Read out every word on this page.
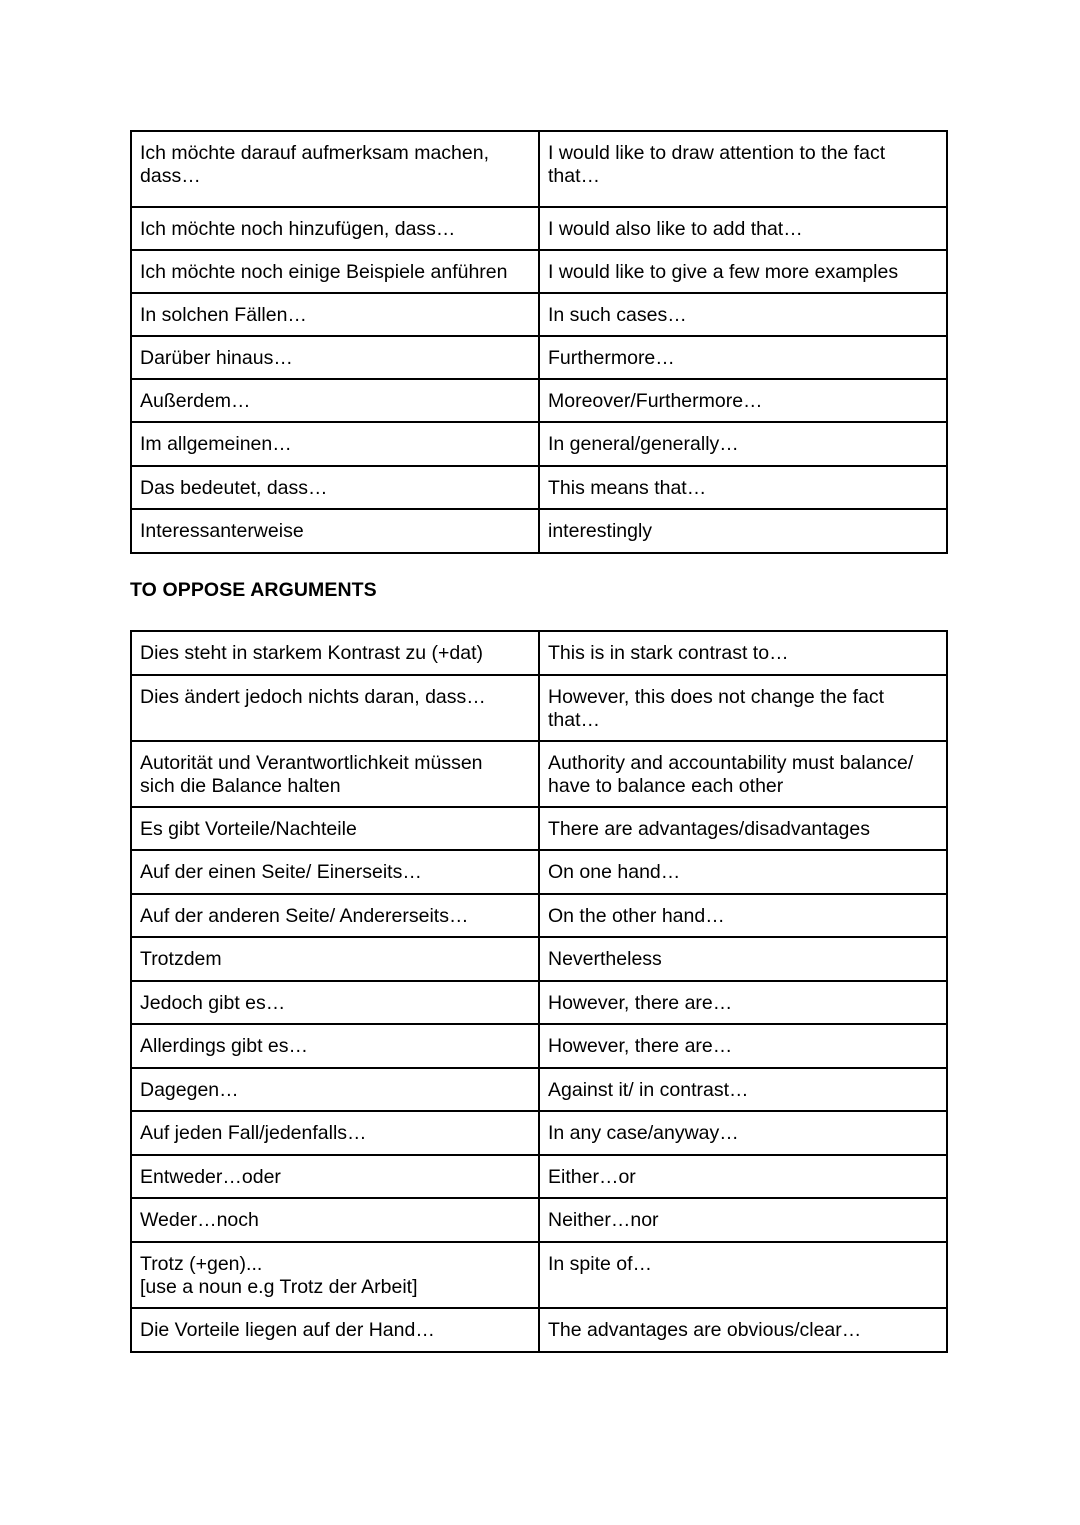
Ich möchte darauf aufmerksam machen,
dass…	I would like to draw attention to the fact
that…
Ich möchte noch hinzufügen, dass…	I would also like to add that…
Ich möchte noch einige Beispiele anführen	I would like to give a few more examples
In solchen Fällen…	In such cases…
Darüber hinaus…	Furthermore…
Außerdem…	Moreover/Furthermore…
Im allgemeinen…	In general/generally…
Das bedeutet, dass…	This means that…
Interessanterweise	interestingly
TO OPPOSE ARGUMENTS
Dies steht in starkem Kontrast zu (+dat)	This is in stark contrast to…
Dies ändert jedoch nichts daran, dass…	However, this does not change the fact
that…
Autorität und Verantwortlichkeit müssen
sich die Balance halten	Authority and accountability must balance/
have to balance each other
Es gibt Vorteile/Nachteile	There are advantages/disadvantages
Auf der einen Seite/ Einerseits…	On one hand…
Auf der anderen Seite/ Andererseits…	On the other hand…
Trotzdem	Nevertheless
Jedoch gibt es…	However, there are…
Allerdings gibt es…	However, there are…
Dagegen…	Against it/ in contrast…
Auf jeden Fall/jedenfalls…	In any case/anyway…
Entweder…oder	Either…or
Weder…noch	Neither…nor
Trotz (+gen)...
[use a noun e.g Trotz der Arbeit]	In spite of…
Die Vorteile liegen auf der Hand…	The advantages are obvious/clear…
